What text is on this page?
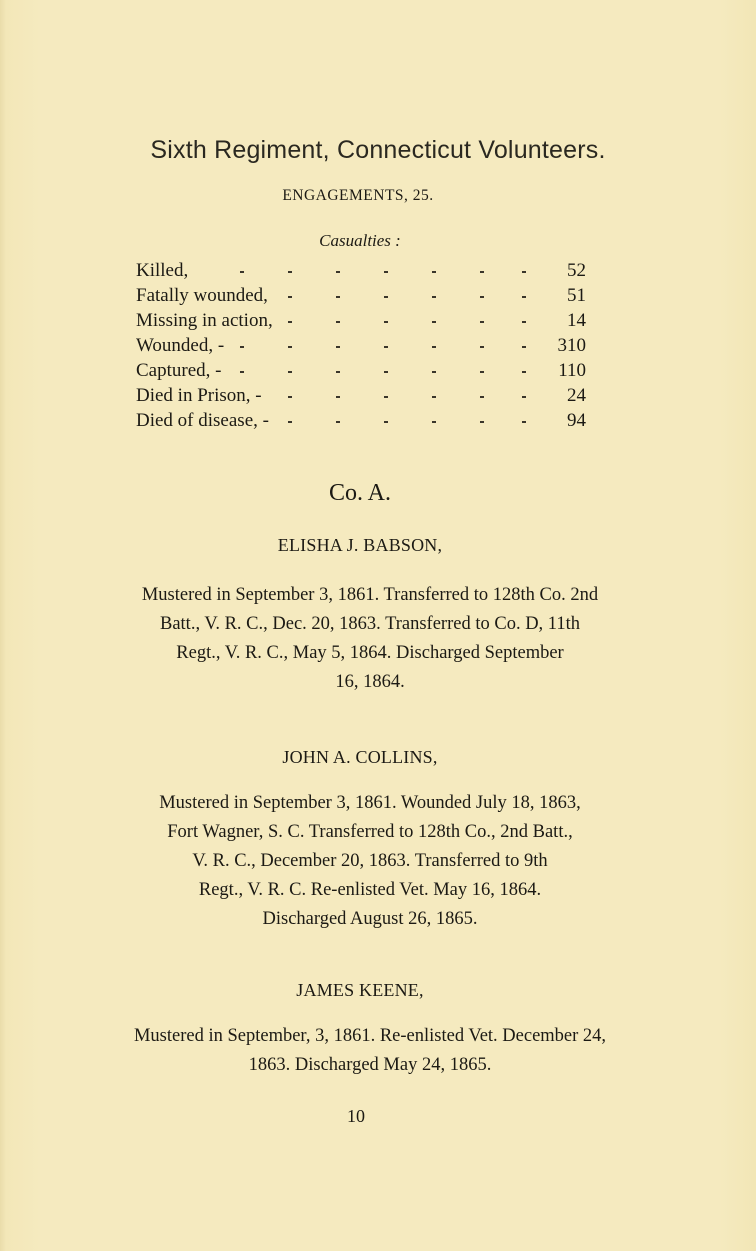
Sixth Regiment, Connecticut Volunteers.
ENGAGEMENTS, 25.
Casualties :
Killed,	52
Fatally wounded,	51
Missing in action,	14
Wounded, -	310
Captured, -	110
Died in Prison, -	24
Died of disease, -	94
Co. A.
ELISHA J. BABSON,
Mustered in September 3, 1861. Transferred to 128th Co. 2nd
Batt., V. R. C., Dec. 20, 1863. Transferred to Co. D, 11th
Regt., V. R. C., May 5, 1864. Discharged September
16, 1864.
JOHN A. COLLINS,
Mustered in September 3, 1861. Wounded July 18, 1863,
Fort Wagner, S. C. Transferred to 128th Co., 2nd Batt.,
V. R. C., December 20, 1863. Transferred to 9th
Regt., V. R. C. Re-enlisted Vet. May 16, 1864.
Discharged August 26, 1865.
JAMES KEENE,
Mustered in September, 3, 1861. Re-enlisted Vet. December 24,
1863. Discharged May 24, 1865.
10
